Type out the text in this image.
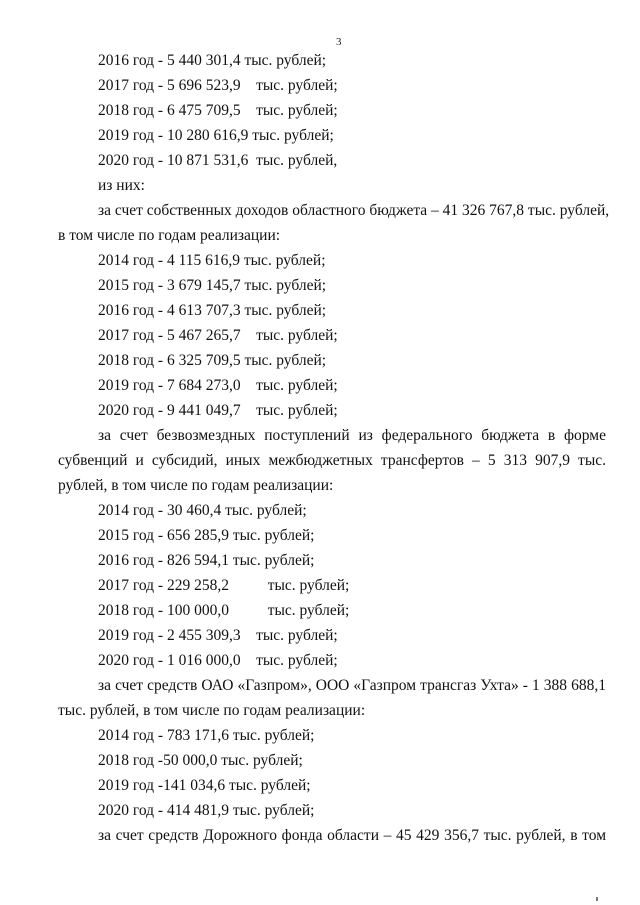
3
2016 год - 5 440 301,4 тыс. рублей;
2017 год - 5 696 523,9    тыс. рублей;
2018 год - 6 475 709,5    тыс. рублей;
2019 год - 10 280 616,9 тыс. рублей;
2020 год - 10 871 531,6  тыс. рублей,
из них:
за счет собственных доходов областного бюджета – 41 326 767,8 тыс. рублей,
в том числе по годам реализации:
2014 год - 4 115 616,9 тыс. рублей;
2015 год - 3 679 145,7 тыс. рублей;
2016 год - 4 613 707,3 тыс. рублей;
2017 год - 5 467 265,7    тыс. рублей;
2018 год - 6 325 709,5 тыс. рублей;
2019 год - 7 684 273,0    тыс. рублей;
2020 год - 9 441 049,7    тыс. рублей;
за счет безвозмездных поступлений из федерального бюджета в форме
субвенций и субсидий, иных межбюджетных трансфертов – 5 313 907,9 тыс.
рублей, в том числе по годам реализации:
2014 год - 30 460,4 тыс. рублей;
2015 год - 656 285,9 тыс. рублей;
2016 год - 826 594,1 тыс. рублей;
2017 год - 229 258,2          тыс. рублей;
2018 год - 100 000,0          тыс. рублей;
2019 год - 2 455 309,3    тыс. рублей;
2020 год - 1 016 000,0    тыс. рублей;
за счет средств ОАО «Газпром», ООО «Газпром трансгаз Ухта» - 1 388 688,1
тыс. рублей, в том числе по годам реализации:
2014 год - 783 171,6 тыс. рублей;
2018 год -50 000,0 тыс. рублей;
2019 год -141 034,6 тыс. рублей;
2020 год - 414 481,9 тыс. рублей;
за счет средств Дорожного фонда области – 45 429 356,7 тыс. рублей, в том
